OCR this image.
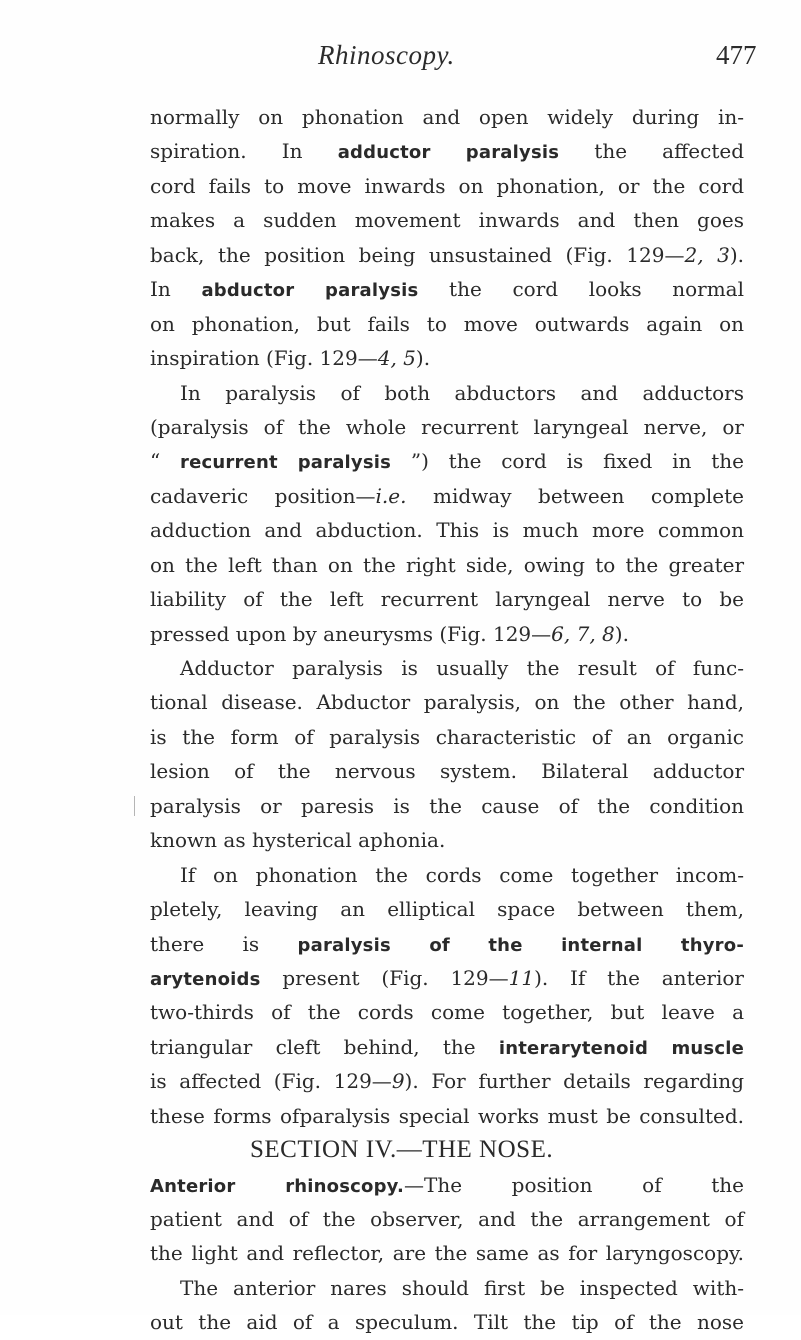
Rhinoscopy.	477
normally on phonation and open widely during in-
spiration. In adductor paralysis the affected
cord fails to move inwards on phonation, or the cord
makes a sudden movement inwards and then goes
back, the position being unsustained (Fig. 129—2, 3).
In abductor paralysis the cord looks normal
on phonation, but fails to move outwards again on
inspiration (Fig. 129—4, 5).
In paralysis of both abductors and adductors
(paralysis of the whole recurrent laryngeal nerve, or
“ recurrent paralysis ”) the cord is fixed in the
cadaveric position—i.e. midway between complete
adduction and abduction. This is much more common
on the left than on the right side, owing to the greater
liability of the left recurrent laryngeal nerve to be
pressed upon by aneurysms (Fig. 129—6, 7, 8).
Adductor paralysis is usually the result of func-
tional disease. Abductor paralysis, on the other hand,
is the form of paralysis characteristic of an organic
lesion of the nervous system. Bilateral adductor
paralysis or paresis is the cause of the condition
known as hysterical aphonia.
If on phonation the cords come together incom-
pletely, leaving an elliptical space between them,
there is paralysis of the internal thyro-
arytenoids present (Fig. 129—11). If the anterior
two-thirds of the cords come together, but leave a
triangular cleft behind, the interarytenoid muscle
is affected (Fig. 129—9). For further details regarding
these forms ofparalysis special works must be consulted.
SECTION IV.—THE NOSE.
Anterior rhinoscopy.—The position of the
patient and of the observer, and the arrangement of
the light and reflector, are the same as for laryngoscopy.
The anterior nares should first be inspected with-
out the aid of a speculum. Tilt the tip of the nose
